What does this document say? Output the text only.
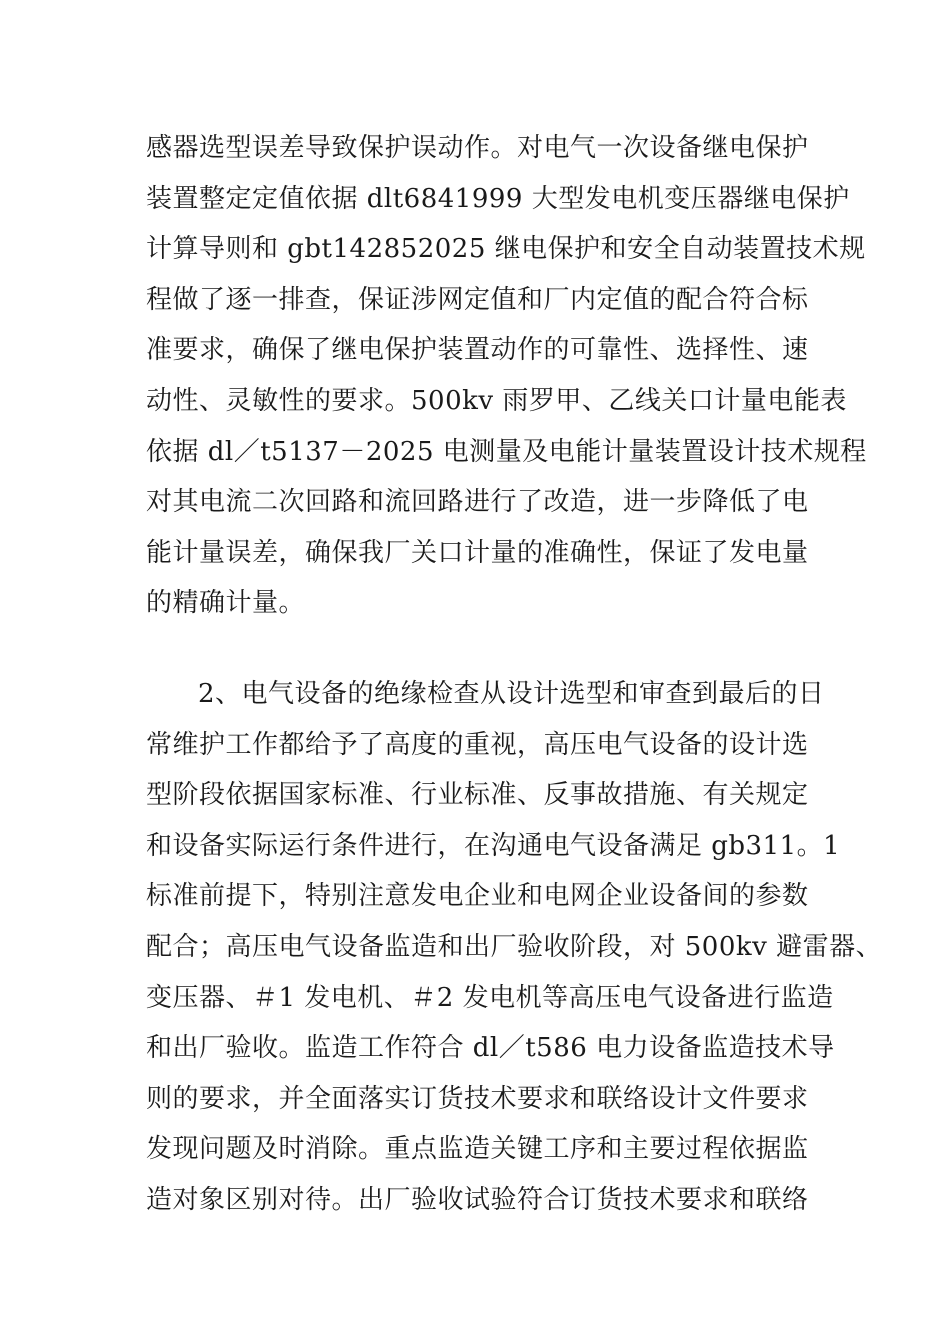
感器选型误差导致保护误动作。对电气一次设备继电保护
装置整定定值依据 dlt6841999 大型发电机变压器继电保护
计算导则和 gbt142852025 继电保护和安全自动装置技术规
程做了逐一排查，保证涉网定值和厂内定值的配合符合标
准要求，确保了继电保护装置动作的可靠性、选择性、速
动性、灵敏性的要求。500kv 雨罗甲、乙线关口计量电能表
依据 dl／t5137－2025 电测量及电能计量装置设计技术规程
对其电流二次回路和流回路进行了改造，进一步降低了电
能计量误差，确保我厂关口计量的准确性，保证了发电量
的精确计量。
2、电气设备的绝缘检查从设计选型和审查到最后的日
常维护工作都给予了高度的重视，高压电气设备的设计选
型阶段依据国家标准、行业标准、反事故措施、有关规定
和设备实际运行条件进行，在沟通电气设备满足 gb311。1
标准前提下，特别注意发电企业和电网企业设备间的参数
配合；高压电气设备监造和出厂验收阶段，对 500kv 避雷器、
变压器、＃1 发电机、＃2 发电机等高压电气设备进行监造
和出厂验收。监造工作符合 dl／t586 电力设备监造技术导
则的要求，并全面落实订货技术要求和联络设计文件要求
发现问题及时消除。重点监造关键工序和主要过程依据监
造对象区别对待。出厂验收试验符合订货技术要求和联络
